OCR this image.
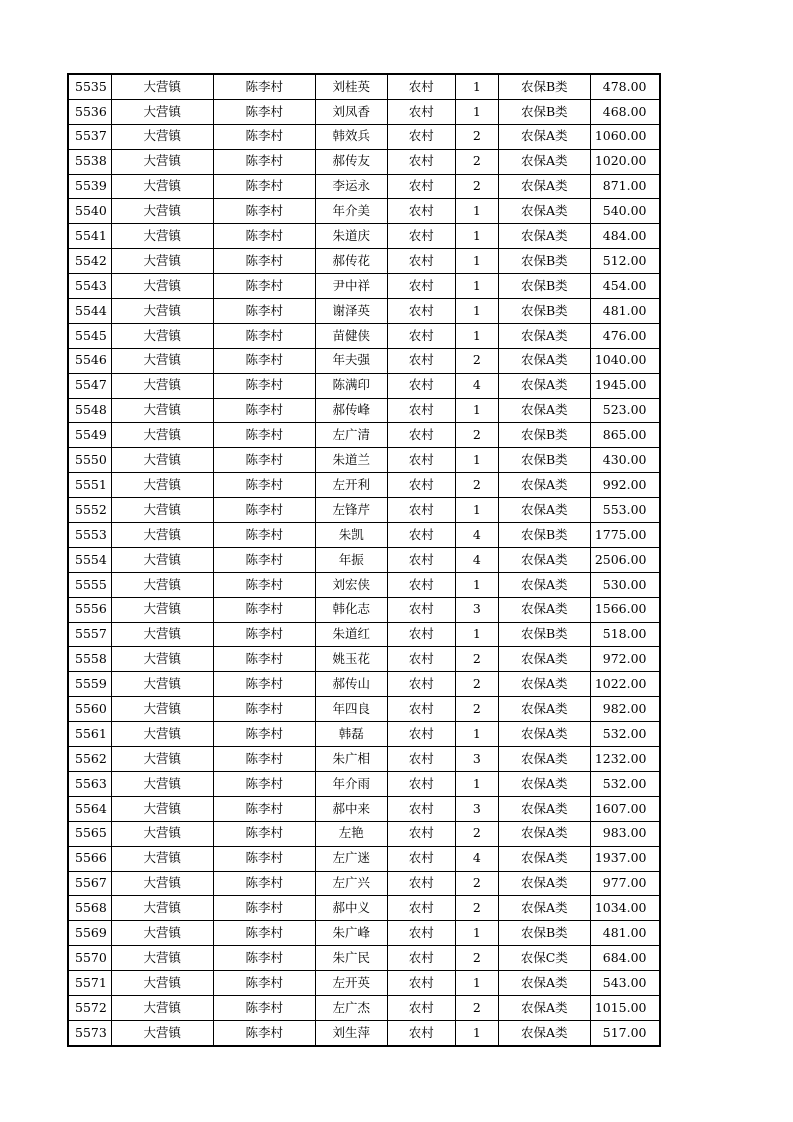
5535	大营镇	陈李村	刘桂英	农村	1	农保B类	478.00
5536	大营镇	陈李村	刘凤香	农村	1	农保B类	468.00
5537	大营镇	陈李村	韩效兵	农村	2	农保A类	1060.00
5538	大营镇	陈李村	郝传友	农村	2	农保A类	1020.00
5539	大营镇	陈李村	李运永	农村	2	农保A类	871.00
5540	大营镇	陈李村	年介美	农村	1	农保A类	540.00
5541	大营镇	陈李村	朱道庆	农村	1	农保A类	484.00
5542	大营镇	陈李村	郝传花	农村	1	农保B类	512.00
5543	大营镇	陈李村	尹中祥	农村	1	农保B类	454.00
5544	大营镇	陈李村	谢泽英	农村	1	农保B类	481.00
5545	大营镇	陈李村	苗健侠	农村	1	农保A类	476.00
5546	大营镇	陈李村	年夫强	农村	2	农保A类	1040.00
5547	大营镇	陈李村	陈满印	农村	4	农保A类	1945.00
5548	大营镇	陈李村	郝传峰	农村	1	农保A类	523.00
5549	大营镇	陈李村	左广清	农村	2	农保B类	865.00
5550	大营镇	陈李村	朱道兰	农村	1	农保B类	430.00
5551	大营镇	陈李村	左开利	农村	2	农保A类	992.00
5552	大营镇	陈李村	左锋芹	农村	1	农保A类	553.00
5553	大营镇	陈李村	朱凯	农村	4	农保B类	1775.00
5554	大营镇	陈李村	年振	农村	4	农保A类	2506.00
5555	大营镇	陈李村	刘宏侠	农村	1	农保A类	530.00
5556	大营镇	陈李村	韩化志	农村	3	农保A类	1566.00
5557	大营镇	陈李村	朱道红	农村	1	农保B类	518.00
5558	大营镇	陈李村	姚玉花	农村	2	农保A类	972.00
5559	大营镇	陈李村	郝传山	农村	2	农保A类	1022.00
5560	大营镇	陈李村	年四良	农村	2	农保A类	982.00
5561	大营镇	陈李村	韩磊	农村	1	农保A类	532.00
5562	大营镇	陈李村	朱广相	农村	3	农保A类	1232.00
5563	大营镇	陈李村	年介雨	农村	1	农保A类	532.00
5564	大营镇	陈李村	郝中来	农村	3	农保A类	1607.00
5565	大营镇	陈李村	左艳	农村	2	农保A类	983.00
5566	大营镇	陈李村	左广迷	农村	4	农保A类	1937.00
5567	大营镇	陈李村	左广兴	农村	2	农保A类	977.00
5568	大营镇	陈李村	郝中义	农村	2	农保A类	1034.00
5569	大营镇	陈李村	朱广峰	农村	1	农保B类	481.00
5570	大营镇	陈李村	朱广民	农村	2	农保C类	684.00
5571	大营镇	陈李村	左开英	农村	1	农保A类	543.00
5572	大营镇	陈李村	左广杰	农村	2	农保A类	1015.00
5573	大营镇	陈李村	刘生萍	农村	1	农保A类	517.00
